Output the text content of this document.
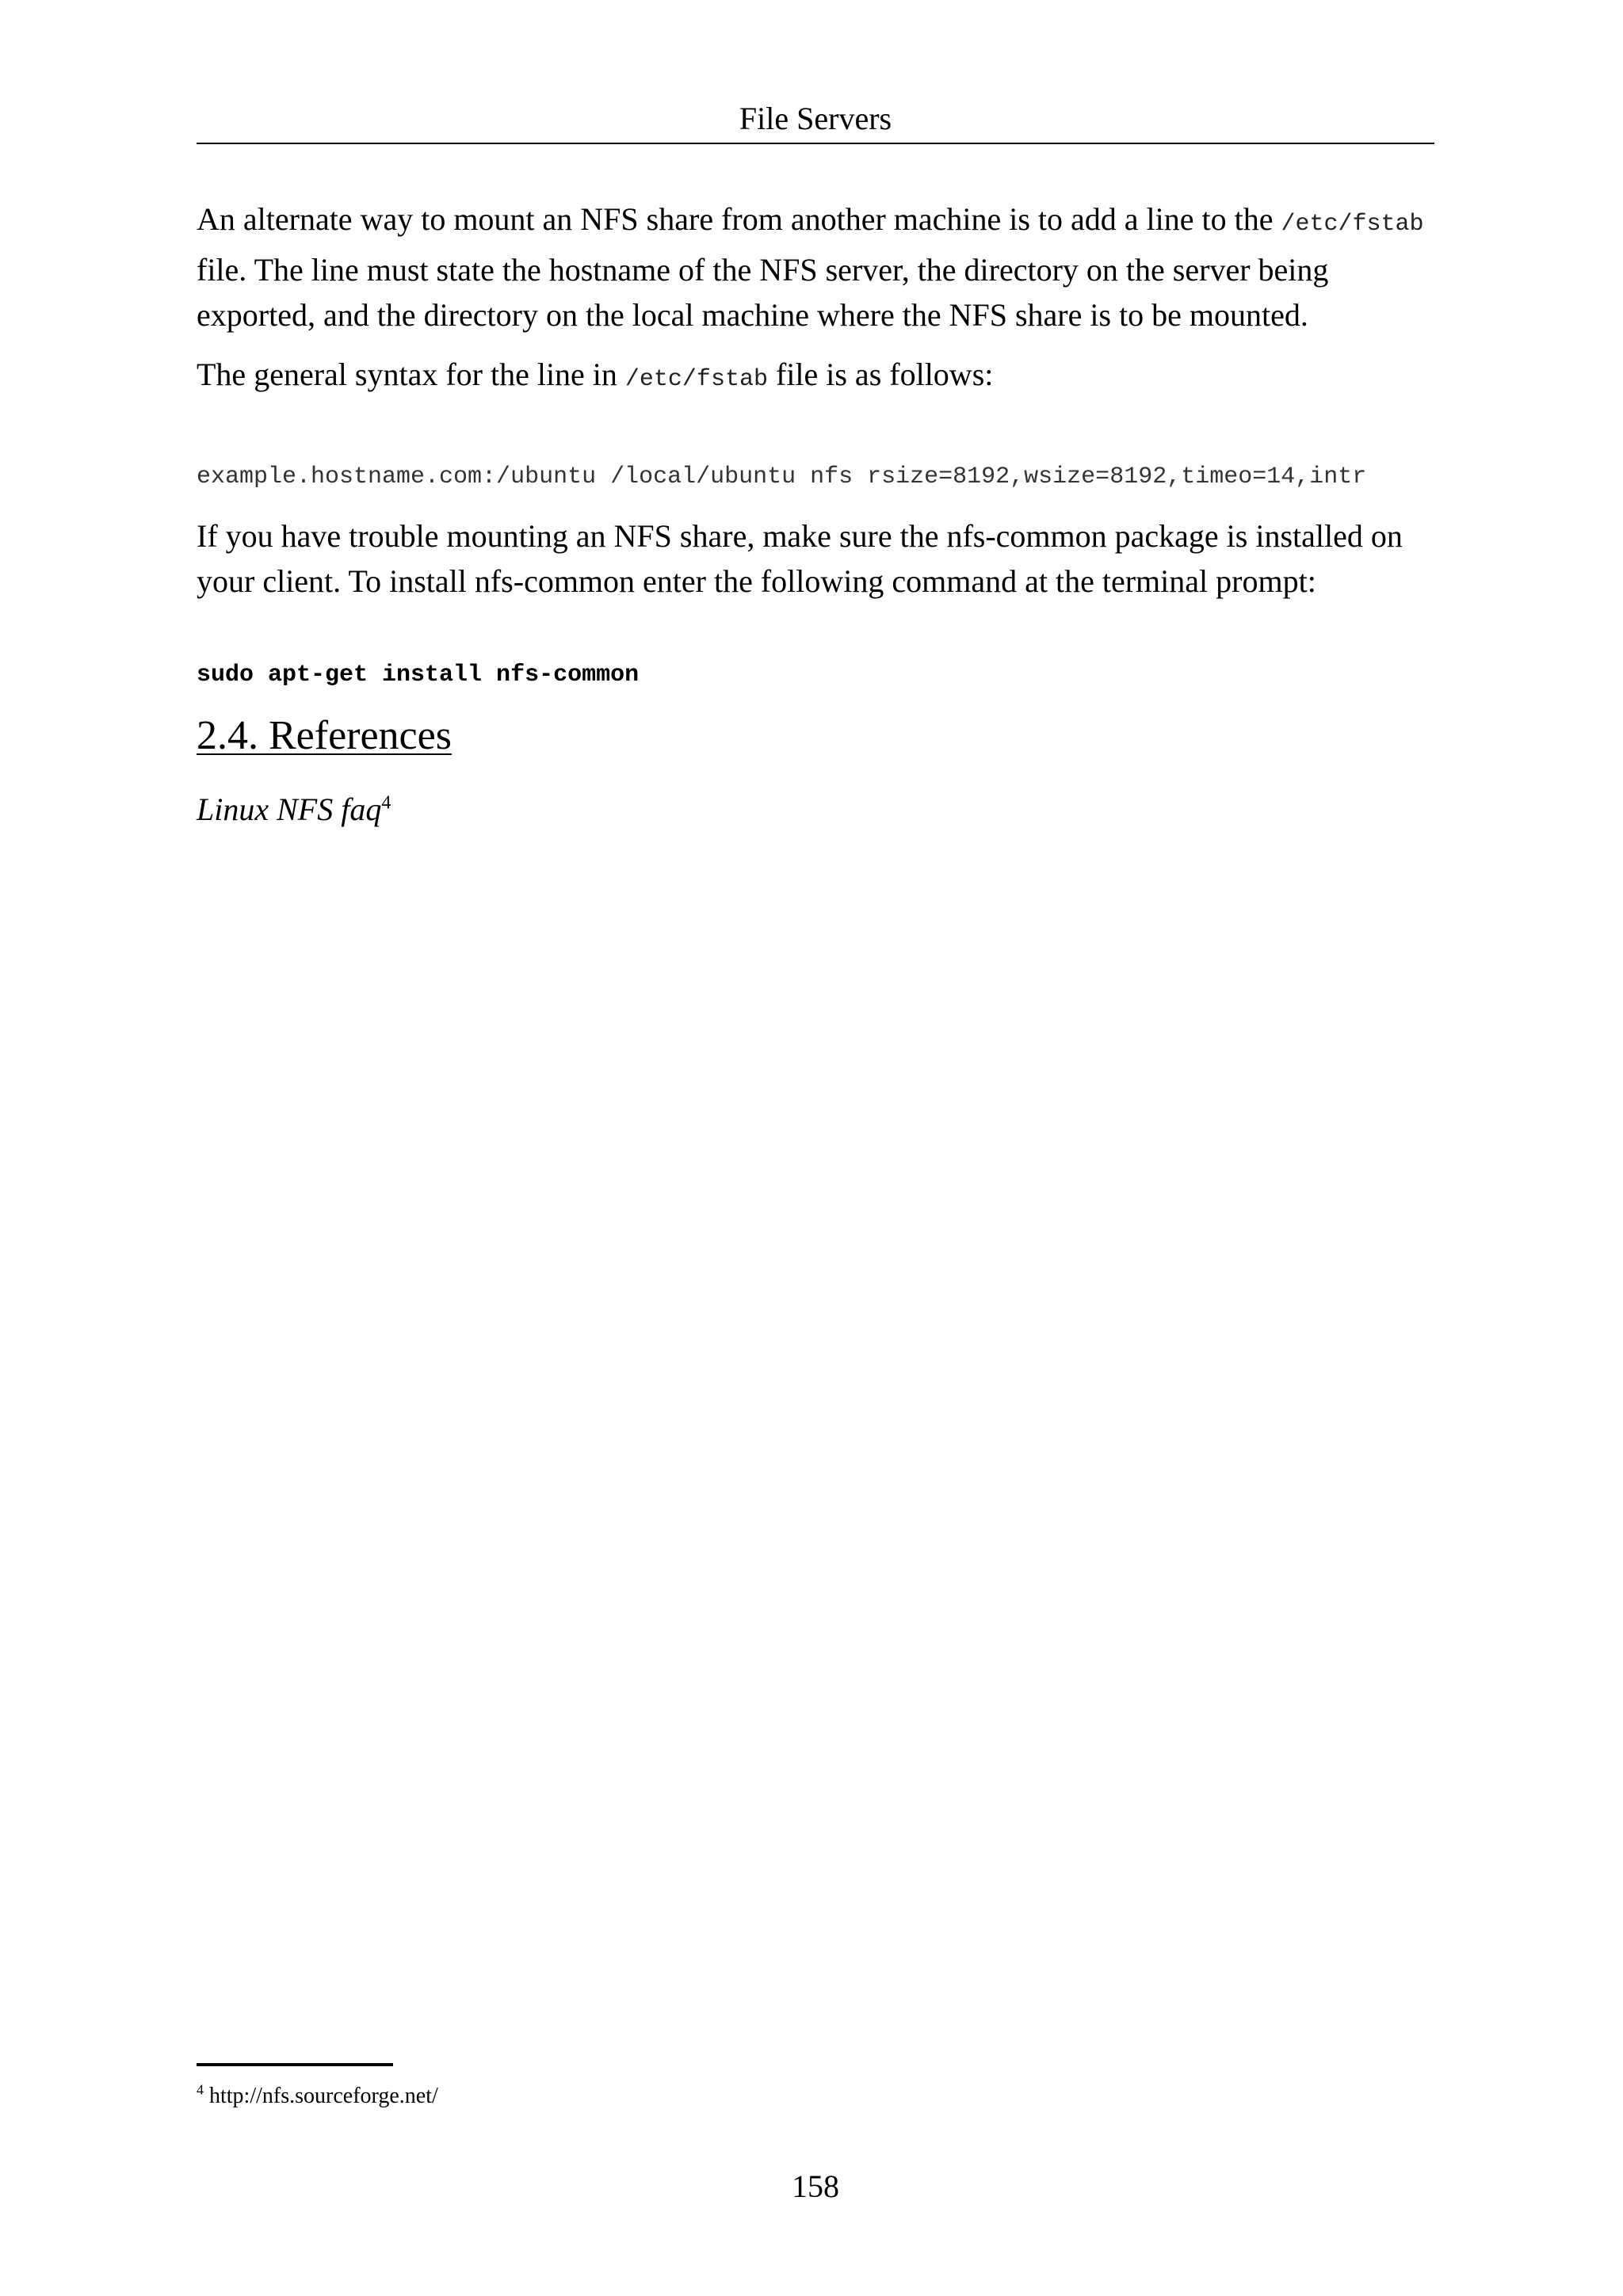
File Servers

An alternate way to mount an NFS share from another machine is to add a line to the /etc/fstab file. The line must state the hostname of the NFS server, the directory on the server being exported, and the directory on the local machine where the NFS share is to be mounted.

The general syntax for the line in /etc/fstab file is as follows:

example.hostname.com:/ubuntu /local/ubuntu nfs rsize=8192,wsize=8192,timeo=14,intr

If you have trouble mounting an NFS share, make sure the nfs-common package is installed on your client. To install nfs-common enter the following command at the terminal prompt:

sudo apt-get install nfs-common
2.4. References
Linux NFS faq$^4$
$^4$ http://nfs.sourceforge.net/
158
